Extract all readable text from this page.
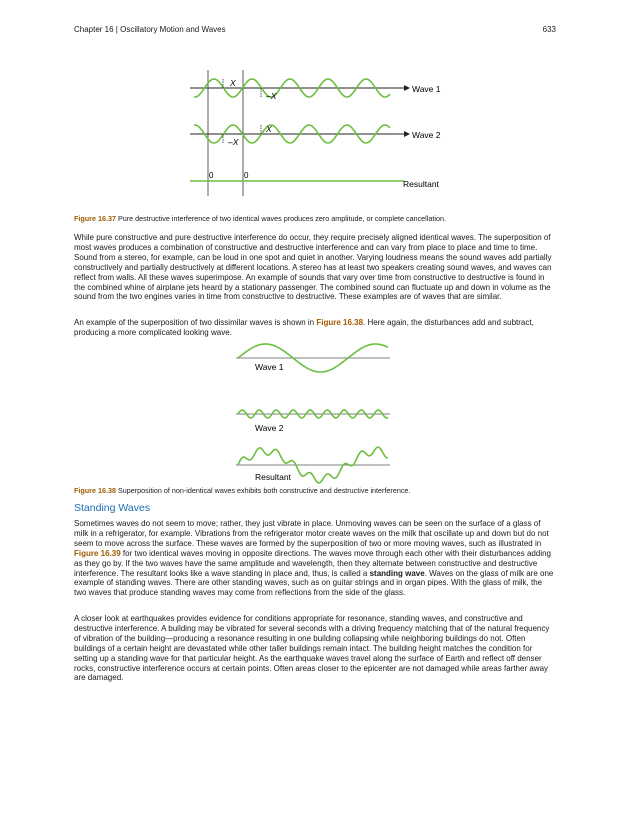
Chapter 16 | Oscillatory Motion and Waves	633
Wave 1
X
–X
Wave 2
–X
X
0	0
Resultant
Figure 16.37 Pure destructive interference of two identical waves produces zero amplitude, or complete cancellation.

While pure constructive and pure destructive interference do occur, they require precisely aligned identical waves. The superposition of most waves produces a combination of constructive and destructive interference and can vary from place to place and time to time. Sound from a stereo, for example, can be loud in one spot and quiet in another. Varying loudness means the sound waves add partially constructively and partially destructively at different locations. A stereo has at least two speakers creating sound waves, and waves can reflect from walls. All these waves superimpose. An example of sounds that vary over time from constructive to destructive is found in the combined whine of airplane jets heard by a stationary passenger. The combined sound can fluctuate up and down in volume as the sound from the two engines varies in time from constructive to destructive. These examples are of waves that are similar.

An example of the superposition of two dissimilar waves is shown in Figure 16.38. Here again, the disturbances add and subtract, producing a more complicated looking wave.

Wave 1
Wave 2
Resultant
Figure 16.38 Superposition of non-identical waves exhibits both constructive and destructive interference.
Standing Waves

Sometimes waves do not seem to move; rather, they just vibrate in place. Unmoving waves can be seen on the surface of a glass of milk in a refrigerator, for example. Vibrations from the refrigerator motor create waves on the milk that oscillate up and down but do not seem to move across the surface. These waves are formed by the superposition of two or more moving waves, such as illustrated in Figure 16.39 for two identical waves moving in opposite directions. The waves move through each other with their disturbances adding as they go by. If the two waves have the same amplitude and wavelength, then they alternate between constructive and destructive interference. The resultant looks like a wave standing in place and, thus, is called a standing wave. Waves on the glass of milk are one example of standing waves. There are other standing waves, such as on guitar strings and in organ pipes. With the glass of milk, the two waves that produce standing waves may come from reflections from the side of the glass.

A closer look at earthquakes provides evidence for conditions appropriate for resonance, standing waves, and constructive and destructive interference. A building may be vibrated for several seconds with a driving frequency matching that of the natural frequency of vibration of the building—producing a resonance resulting in one building collapsing while neighboring buildings do not. Often buildings of a certain height are devastated while other taller buildings remain intact. The building height matches the condition for setting up a standing wave for that particular height. As the earthquake waves travel along the surface of Earth and reflect off denser rocks, constructive interference occurs at certain points. Often areas closer to the epicenter are not damaged while areas farther away are damaged.
